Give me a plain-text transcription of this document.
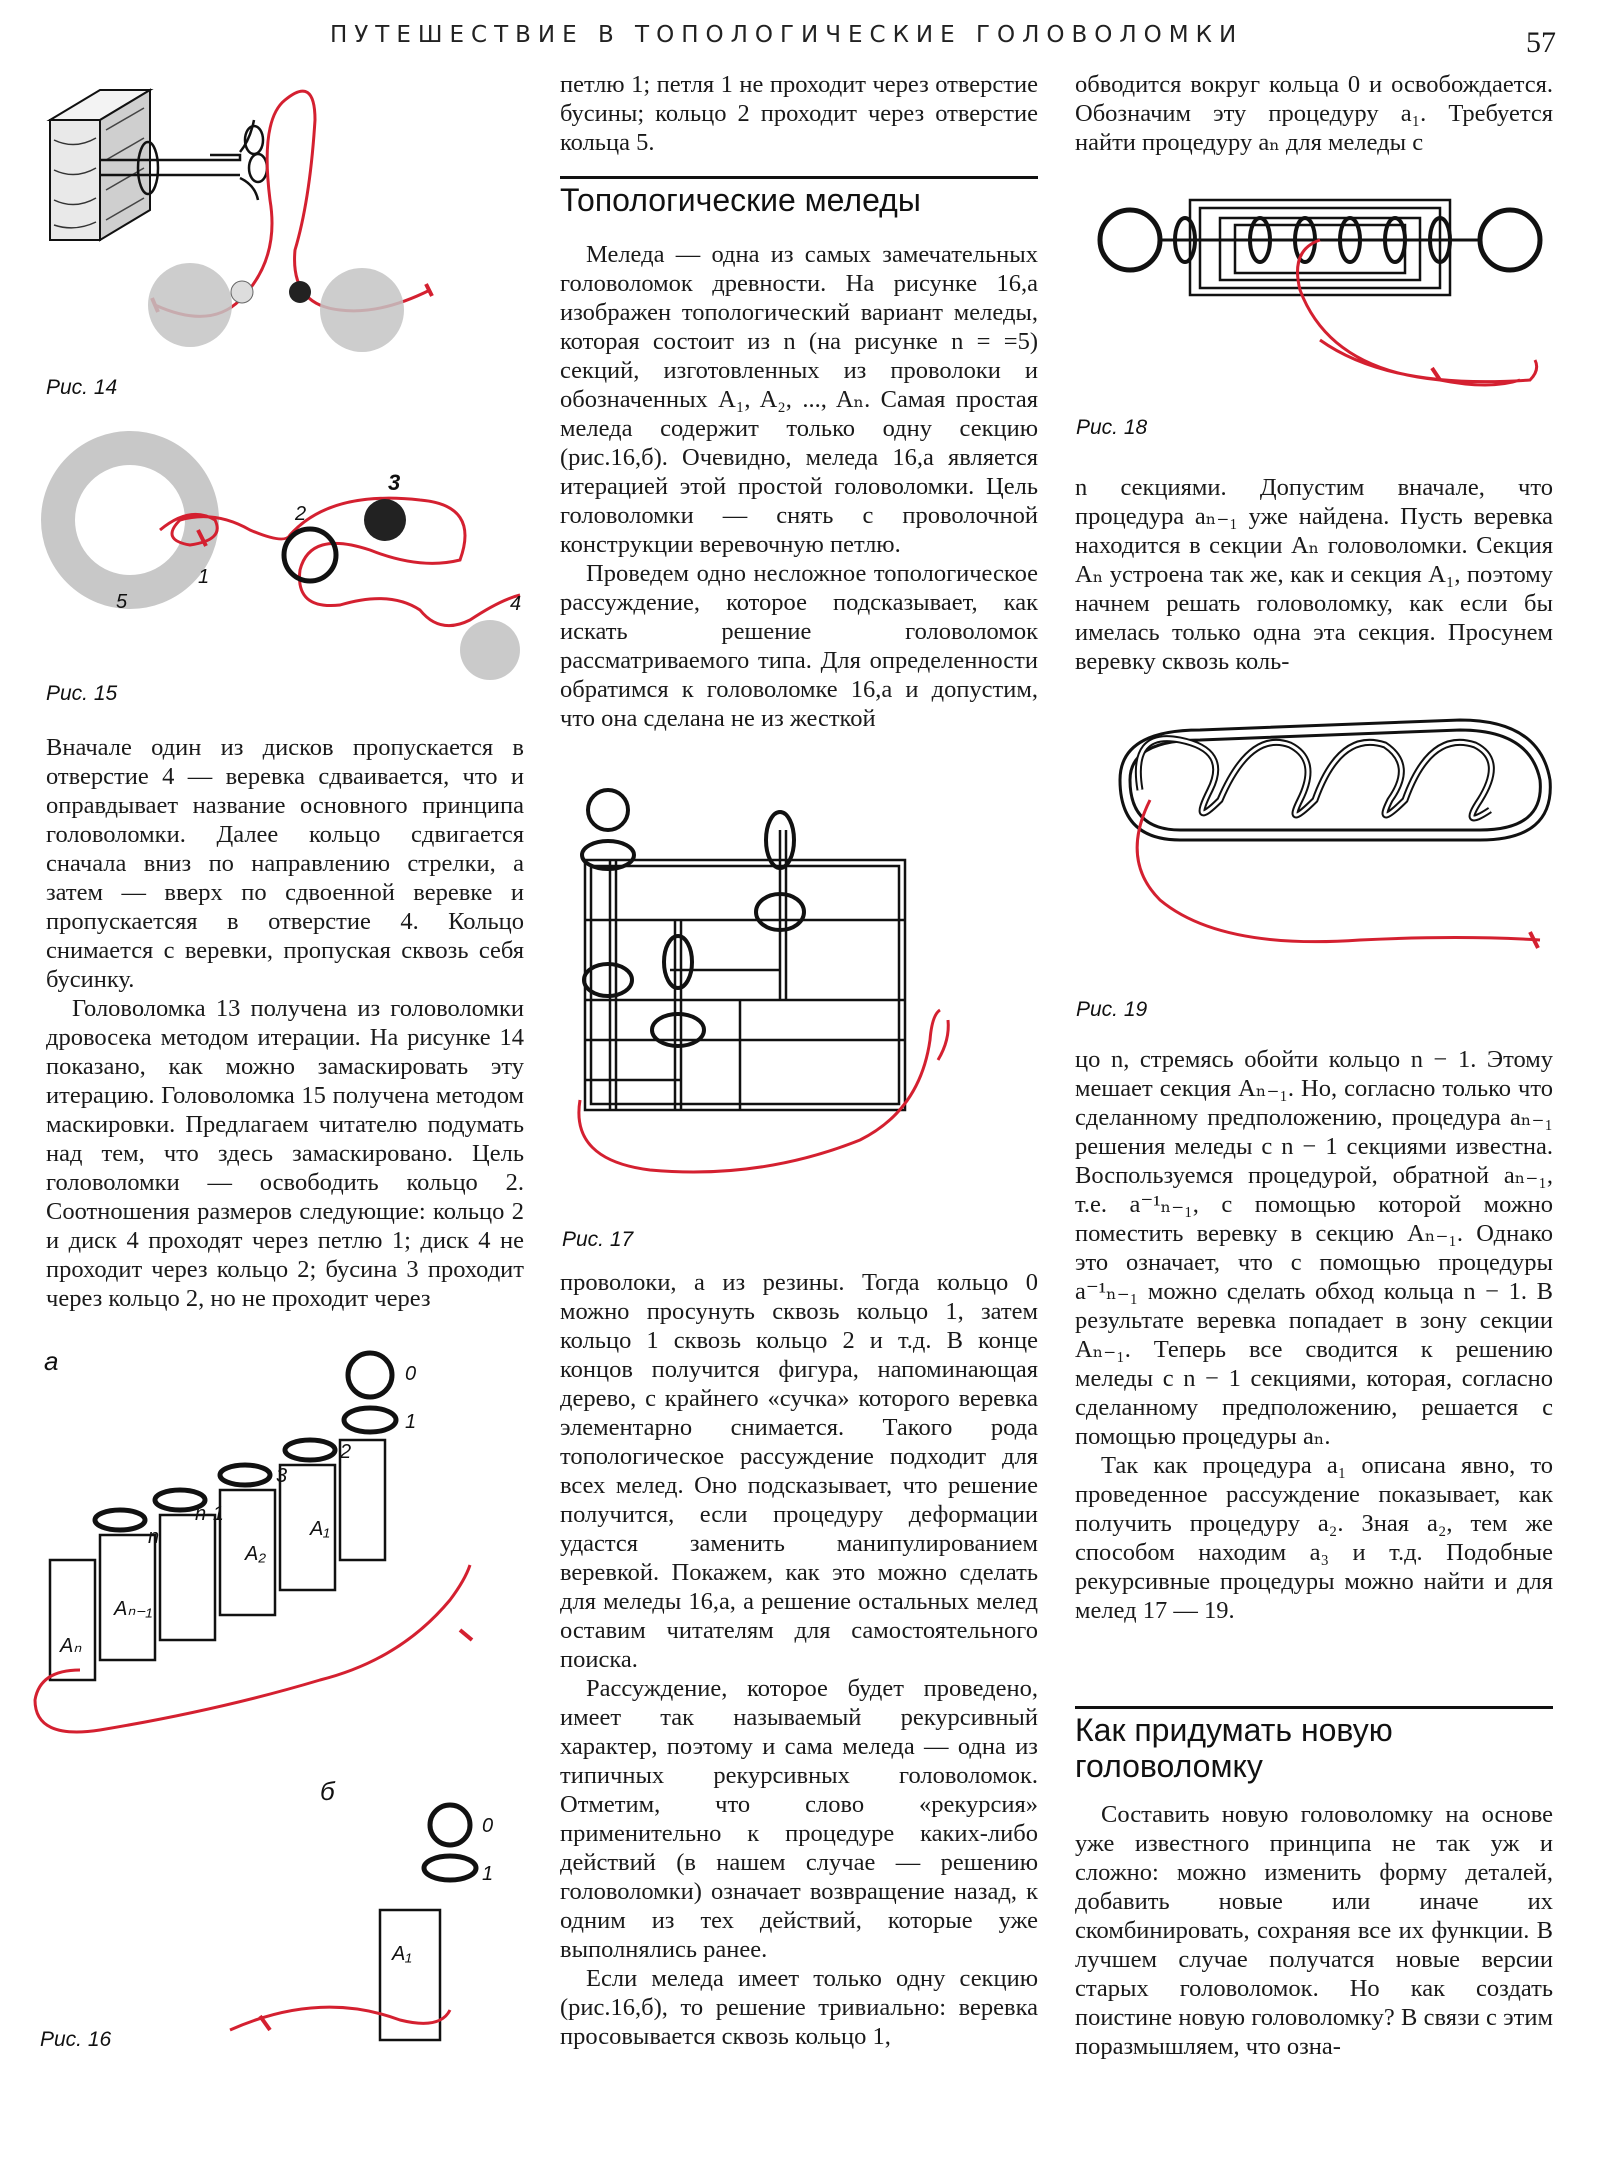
ПУТЕШЕСТВИЕ В ТОПОЛОГИЧЕСКИЕ ГОЛОВОЛОМКИ	57
Рис. 14
1
2
3
4
5
Рис. 15

Вначале один из дисков пропускается в отверстие 4 — веревка сдваивается, что и оправдывает название основного принципа головоломки. Далее кольцо сдвигается сначала вниз по направлению стрелки, а затем — вверх по сдвоенной веревке и пропускаетсяя в отверстие 4. Кольцо снимается с веревки, пропуская сквозь себя бусинку.

Головоломка 13 получена из головоломки дровосека методом итерации. На рисунке 14 показано, как можно замаскировать эту итерацию. Головоломка 15 получена методом маскировки. Предлагаем читателю подумать над тем, что здесь замаскировано. Цель головоломки — освободить кольцо 2. Соотношения размеров следующие: кольцо 2 и диск 4 проходят через петлю 1; диск 4 не проходит через кольцо 2; бусина 3 проходит через кольцо 2, но не проходит через

а	0
1
2
3
n
n-1
A₂
A₁
Aₙ₋₁
Aₙ
б
0
1
A₁
Рис. 16

петлю 1; петля 1 не проходит через отверстие бусины; кольцо 2 проходит через отверстие кольца 5.

Топологические меледы

Меледа — одна из самых замечательных головоломок древности. На рисунке 16,а изображен топологический вариант меледы, которая состоит из n (на рисунке n = =5) секций, изготовленных из проволоки и обозначенных A₁, A₂, ..., Aₙ. Самая простая меледа содержит только одну секцию (рис.16,б). Очевидно, меледа 16,а является итерацией этой простой головоломки. Цель головоломки — снять с проволочной конструкции веревочную петлю.

Проведем одно несложное топологическое рассуждение, которое подсказывает, как искать решение головоломок рассматриваемого типа. Для определенности обратимся к головоломке 16,а и допустим, что она сделана не из жесткой

Рис. 17

проволоки, а из резины. Тогда кольцо 0 можно просунуть сквозь кольцо 1, затем кольцо 1 сквозь кольцо 2 и т.д. В конце концов получится фигура, напоминающая дерево, с крайнего «сучка» которого веревка элементарно снимается. Такого рода топологическое рассуждение подходит для всех мелед. Оно подсказывает, что решение получится, если процедуру деформации удастся заменить манипулированием веревкой. Покажем, как это можно сделать для меледы 16,а, а решение остальных мелед оставим читателям для самостоятельного поиска.

Рассуждение, которое будет проведено, имеет так называемый рекурсивный характер, поэтому и сама меледа — одна из типичных рекурсивных головоломок. Отметим, что слово «рекурсия» применительно к процедуре каких-либо действий (в нашем случае — решению головоломки) означает возвращение назад, к одним из тех действий, которые уже выполнялись ранее.

Если меледа имеет только одну секцию (рис.16,б), то решение тривиально: веревка просовывается сквозь кольцо 1,

обводится вокруг кольца 0 и освобождается. Обозначим эту процедуру a₁. Требуется найти процедуру aₙ для меледы с

Рис. 18

n секциями. Допустим вначале, что процедура aₙ₋₁ уже найдена. Пусть веревка находится в секции Aₙ головоломки. Секция Aₙ устроена так же, как и секция A₁, поэтому начнем решать головоломку, как если бы имелась только одна эта секция. Просунем веревку сквозь коль-

Рис. 19

цо n, стремясь обойти кольцо n − 1. Этому мешает секция Aₙ₋₁. Но, согласно только что сделанному предположению, процедура aₙ₋₁ решения меледы с n − 1 секциями известна. Воспользуемся процедурой, обратной aₙ₋₁, т.е. a⁻¹ₙ₋₁, с помощью которой можно поместить веревку в секцию Aₙ₋₁. Однако это означает, что с помощью процедуры a⁻¹ₙ₋₁ можно сделать обход кольца n − 1. В результате веревка попадает в зону секции Aₙ₋₁. Теперь все сводится к решению меледы с n − 1 секциями, которая, согласно сделанному предположению, решается с помощью процедуры aₙ.

Так как процедура a₁ описана явно, то проведенное рассуждение показывает, как получить процедуру a₂. Зная a₂, тем же способом находим a₃ и т.д. Подобные рекурсивные процедуры можно найти и для мелед 17 — 19.

Как придумать новую головоломку

Составить новую головоломку на основе уже известного принципа не так уж и сложно: можно изменить форму деталей, добавить новые или иначе их скомбинировать, сохраняя все их функции. В лучшем случае получатся новые версии старых головоломок. Но как создать поистине новую головоломку? В связи с этим поразмышляем, что озна-
